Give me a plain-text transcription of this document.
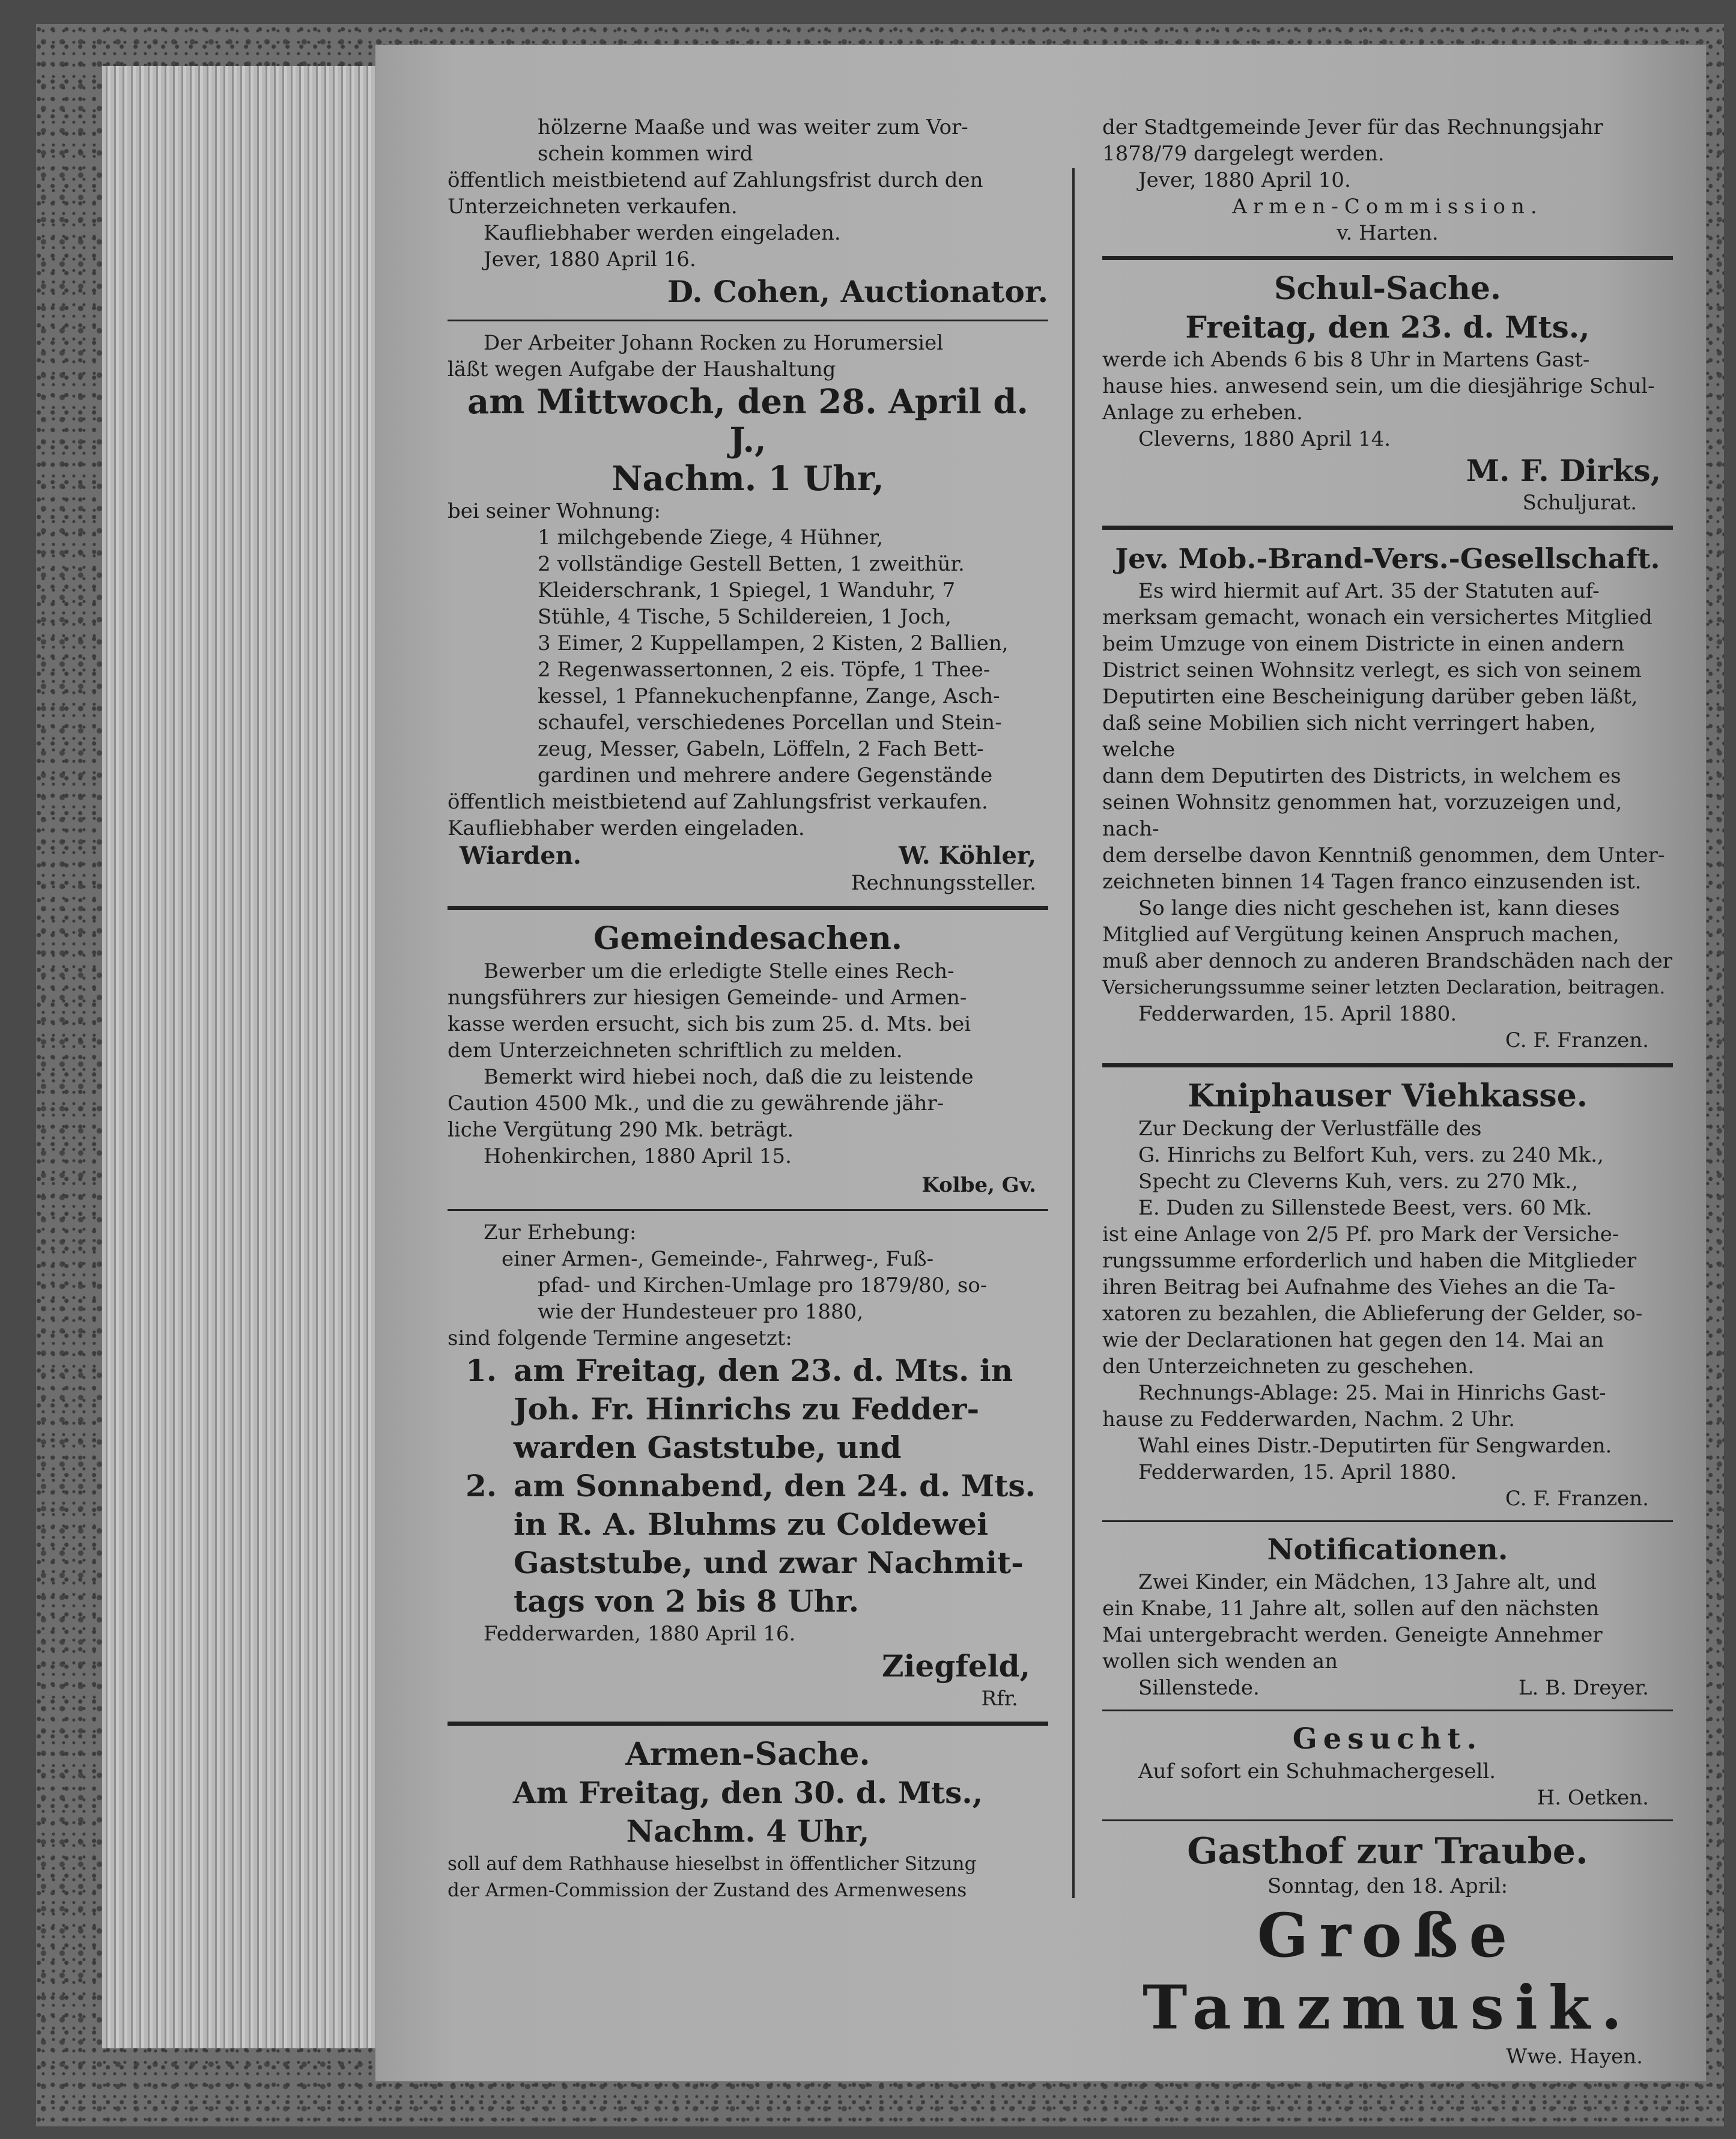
hölzerne Maaße und was weiter zum Vor-
schein kommen wird
öffentlich meistbietend auf Zahlungsfrist durch den
Unterzeichneten verkaufen.
Kaufliebhaber werden eingeladen.
Jever, 1880 April 16.
D. Cohen, Auctionator.
Der Arbeiter Johann Rocken zu Horumersiel
läßt wegen Aufgabe der Haushaltung
am Mittwoch, den 28. April d. J.,
Nachm. 1 Uhr,
bei seiner Wohnung:
1 milchgebende Ziege, 4 Hühner,
2 vollständige Gestell Betten, 1 zweithür.
Kleiderschrank, 1 Spiegel, 1 Wanduhr, 7
Stühle, 4 Tische, 5 Schildereien, 1 Joch,
3 Eimer, 2 Kuppellampen, 2 Kisten, 2 Ballien,
2 Regenwassertonnen, 2 eis. Töpfe, 1 Thee-
kessel, 1 Pfannekuchenpfanne, Zange, Asch-
schaufel, verschiedenes Porcellan und Stein-
zeug, Messer, Gabeln, Löffeln, 2 Fach Bett-
gardinen und mehrere andere Gegenstände
öffentlich meistbietend auf Zahlungsfrist verkaufen.
Kaufliebhaber werden eingeladen.
Wiarden.	W. Köhler,
Rechnungssteller.
Gemeindesachen.
Bewerber um die erledigte Stelle eines Rech-
nungsführers zur hiesigen Gemeinde- und Armen-
kasse werden ersucht, sich bis zum 25. d. Mts. bei
dem Unterzeichneten schriftlich zu melden.
Bemerkt wird hiebei noch, daß die zu leistende
Caution 4500 Mk., und die zu gewährende jähr-
liche Vergütung 290 Mk. beträgt.
Hohenkirchen, 1880 April 15.
Kolbe, Gv.
Zur Erhebung:
einer Armen-, Gemeinde-, Fahrweg-, Fuß-
pfad- und Kirchen-Umlage pro 1879/80, so-
wie der Hundesteuer pro 1880,
sind folgende Termine angesetzt:
1. am Freitag, den 23. d. Mts. in
Joh. Fr. Hinrichs zu Fedder-
warden Gaststube, und
2. am Sonnabend, den 24. d. Mts.
in R. A. Bluhms zu Coldewei
Gaststube, und zwar Nachmit-
tags von 2 bis 8 Uhr.
Fedderwarden, 1880 April 16.
Ziegfeld,
Rfr.
Armen-Sache.
Am Freitag, den 30. d. Mts.,
Nachm. 4 Uhr,
soll auf dem Rathhause hieselbst in öffentlicher Sitzung
der Armen-Commission der Zustand des Armenwesens
der Stadtgemeinde Jever für das Rechnungsjahr
1878/79 dargelegt werden.
Jever, 1880 April 10.
Armen-Commission.
v. Harten.
Schul-Sache.
Freitag, den 23. d. Mts.,
werde ich Abends 6 bis 8 Uhr in Martens Gast-
hause hies. anwesend sein, um die diesjährige Schul-
Anlage zu erheben.
Cleverns, 1880 April 14.
M. F. Dirks,
Schuljurat.
Jev. Mob.-Brand-Vers.-Gesellschaft.
Es wird hiermit auf Art. 35 der Statuten auf-
merksam gemacht, wonach ein versichertes Mitglied
beim Umzuge von einem Districte in einen andern
District seinen Wohnsitz verlegt, es sich von seinem
Deputirten eine Bescheinigung darüber geben läßt,
daß seine Mobilien sich nicht verringert haben, welche
dann dem Deputirten des Districts, in welchem es
seinen Wohnsitz genommen hat, vorzuzeigen und, nach-
dem derselbe davon Kenntniß genommen, dem Unter-
zeichneten binnen 14 Tagen franco einzusenden ist.
So lange dies nicht geschehen ist, kann dieses
Mitglied auf Vergütung keinen Anspruch machen,
muß aber dennoch zu anderen Brandschäden nach der
Versicherungssumme seiner letzten Declaration, beitragen.
Fedderwarden, 15. April 1880.
C. F. Franzen.
Kniphauser Viehkasse.
Zur Deckung der Verlustfälle des
G. Hinrichs zu Belfort Kuh, vers. zu 240 Mk.,
Specht zu Cleverns Kuh, vers. zu 270 Mk.,
E. Duden zu Sillenstede Beest, vers. 60 Mk.
ist eine Anlage von 2/5 Pf. pro Mark der Versiche-
rungssumme erforderlich und haben die Mitglieder
ihren Beitrag bei Aufnahme des Viehes an die Ta-
xatoren zu bezahlen, die Ablieferung der Gelder, so-
wie der Declarationen hat gegen den 14. Mai an
den Unterzeichneten zu geschehen.
Rechnungs-Ablage: 25. Mai in Hinrichs Gast-
hause zu Fedderwarden, Nachm. 2 Uhr.
Wahl eines Distr.-Deputirten für Sengwarden.
Fedderwarden, 15. April 1880.
C. F. Franzen.
Notificationen.
Zwei Kinder, ein Mädchen, 13 Jahre alt, und
ein Knabe, 11 Jahre alt, sollen auf den nächsten
Mai untergebracht werden. Geneigte Annehmer
wollen sich wenden an
Sillenstede.	L. B. Dreyer.
Gesucht.
Auf sofort ein Schuhmachergesell.
H. Oetken.
Gasthof zur Traube.
Sonntag, den 18. April:
Große Tanzmusik.
Wwe. Hayen.
